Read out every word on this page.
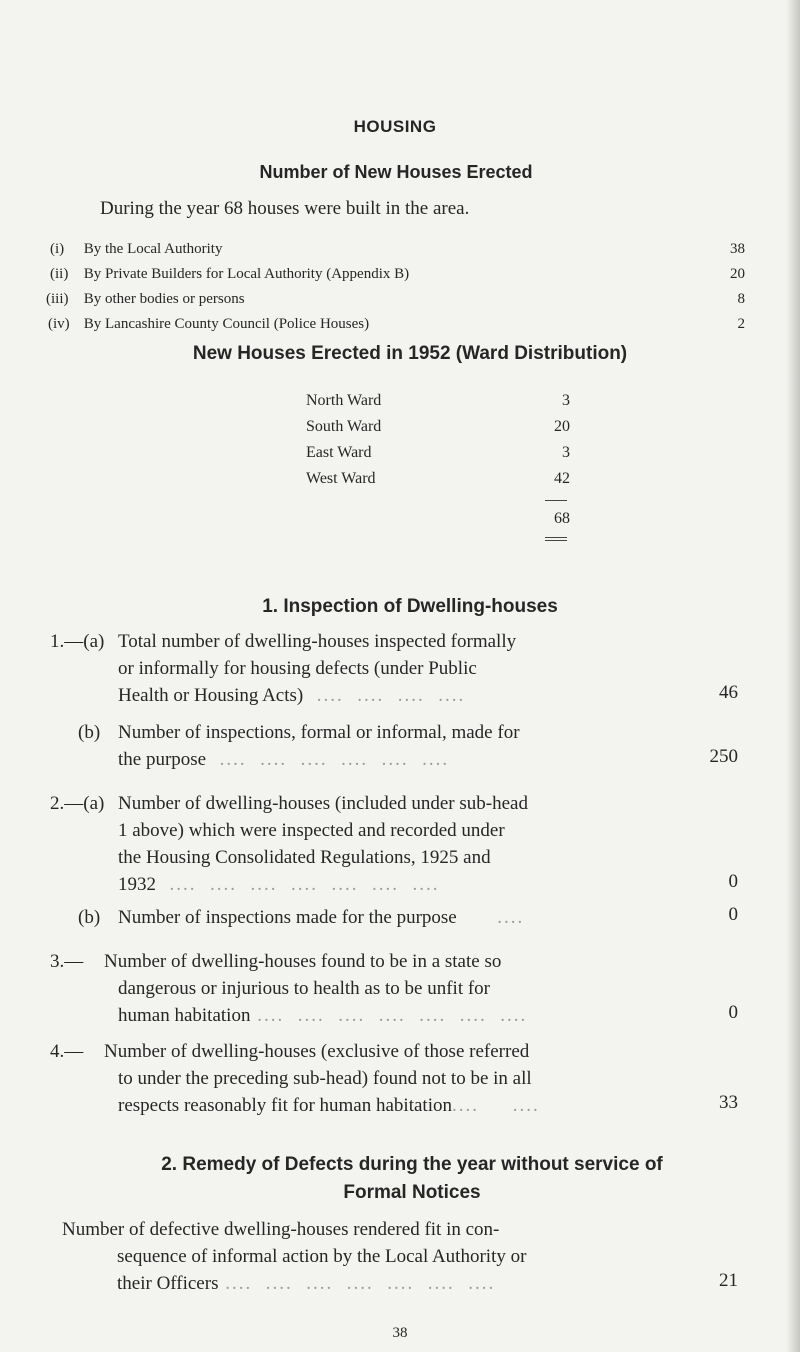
HOUSING
Number of New Houses Erected
During the year 68 houses were built in the area.
(i) By the Local Authority	38
(ii) By Private Builders for Local Authority (Appendix B)	20
(iii) By other bodies or persons	8
(iv) By Lancashire County Council (Police Houses)	2
New Houses Erected in 1952 (Ward Distribution)
North Ward	3
South Ward	20
East Ward	3
West Ward	42
68
1. Inspection of Dwelling-houses
1.—(a) Total number of dwelling-houses inspected formally
or informally for housing defects (under Public
Health or Housing Acts)  ....  ....  ....  ....	46
(b) Number of inspections, formal or informal, made for
the purpose  ....  ....  ....  ....  ....  ....	250
2.—(a) Number of dwelling-houses (included under sub-head
1 above) which were inspected and recorded under
the Housing Consolidated Regulations, 1925 and
1932  ....  ....  ....  ....  ....  ....  ....	0
(b) Number of inspections made for the purpose      ....	0
3.— Number of dwelling-houses found to be in a state so
dangerous or injurious to health as to be unfit for
human habitation ....  ....  ....  ....  ....  ....  ....	0
4.— Number of dwelling-houses (exclusive of those referred
to under the preceding sub-head) found not to be in all
respects reasonably fit for human habitation....     ....	33
2. Remedy of Defects during the year without service of
Formal Notices
Number of defective dwelling-houses rendered fit in con-
sequence of informal action by the Local Authority or
their Officers ....  ....  ....  ....  ....  ....  ....	21
38
